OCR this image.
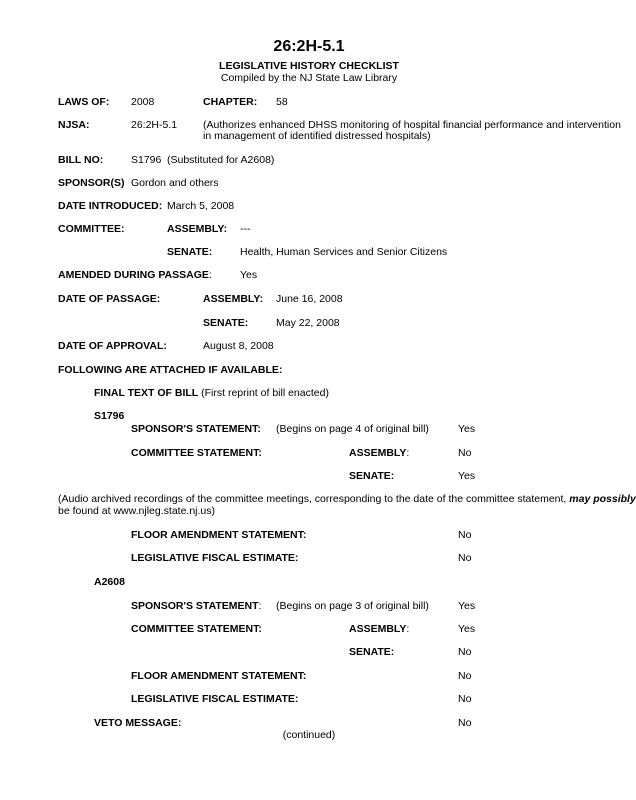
26:2H-5.1
LEGISLATIVE HISTORY CHECKLIST
Compiled by the NJ State Law Library
LAWS OF: 2008	CHAPTER: 58
NJSA:	26:2H-5.1 (Authorizes enhanced DHSS monitoring of hospital financial performance and intervention
in management of identified distressed hospitals)
BILL NO:	S1796 (Substituted for A2608)
SPONSOR(S) Gordon and others
DATE INTRODUCED: March 5, 2008
COMMITTEE:	ASSEMBLY: ---
SENATE:	Health, Human Services and Senior Citizens
AMENDED DURING PASSAGE:	Yes
DATE OF PASSAGE:	ASSEMBLY: June 16, 2008
SENATE:	May 22, 2008
DATE OF APPROVAL:	August 8, 2008
FOLLOWING ARE ATTACHED IF AVAILABLE:
FINAL TEXT OF BILL (First reprint of bill enacted)
S1796
SPONSOR'S STATEMENT: (Begins on page 4 of original bill)	Yes
COMMITTEE STATEMENT:	ASSEMBLY:	No
SENATE:	Yes
(Audio archived recordings of the committee meetings, corresponding to the date of the committee statement, may possibly
be found at www.njleg.state.nj.us)
FLOOR AMENDMENT STATEMENT:	No
LEGISLATIVE FISCAL ESTIMATE:	No
A2608
SPONSOR'S STATEMENT: (Begins on page 3 of original bill)	Yes
COMMITTEE STATEMENT:	ASSEMBLY:	Yes
SENATE:	No
FLOOR AMENDMENT STATEMENT:	No
LEGISLATIVE FISCAL ESTIMATE:	No
VETO MESSAGE:	No
(continued)
